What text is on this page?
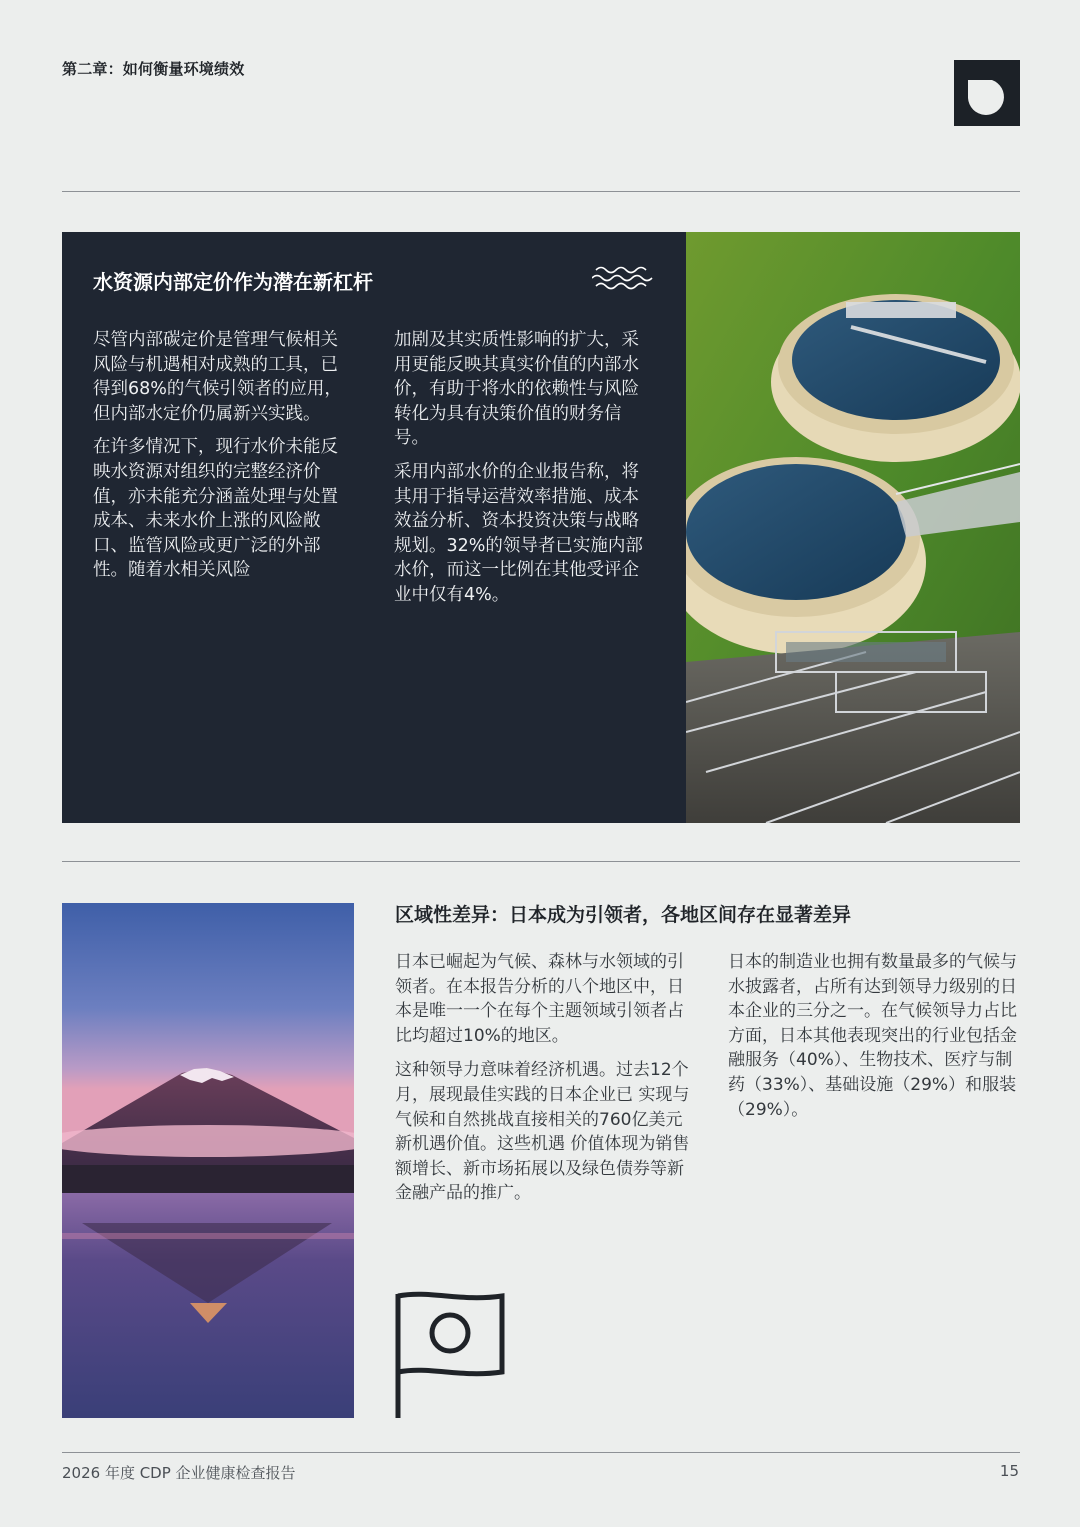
第二章：如何衡量环境绩效
水资源内部定价作为潜在新杠杆

尽管内部碳定价是管理气候相关风险与机遇相对成熟的工具，已得到68%的气候引领者的应用，但内部水定价仍属新兴实践。

在许多情况下，现行水价未能反映水资源对组织的完整经济价值，亦未能充分涵盖处理与处置成本、未来水价上涨的风险敞口、监管风险或更广泛的外部性。随着水相关风险

加剧及其实质性影响的扩大，采用更能反映其真实价值的内部水价，有助于将水的依赖性与风险转化为具有决策价值的财务信号。

采用内部水价的企业报告称，将其用于指导运营效率措施、成本效益分析、资本投资决策与战略规划。32%的领导者已实施内部水价，而这一比例在其他受评企业中仅有4%。

区域性差异：日本成为引领者，各地区间存在显著差异

日本已崛起为气候、森林与水领域的引领者。在本报告分析的八个地区中，日本是唯一一个在每个主题领域引领者占比均超过10%的地区。

这种领导力意味着经济机遇。过去12个月，展现最佳实践的日本企业已 实现与气候和自然挑战直接相关的760亿美元新机遇价值。这些机遇 价值体现为销售额增长、新市场拓展以及绿色债券等新金融产品的推广。

日本的制造业也拥有数量最多的气候与水披露者，占所有达到领导力级别的日本企业的三分之一。在气候领导力占比方面，日本其他表现突出的行业包括金融服务（40%）、生物技术、医疗与制药（33%）、基础设施（29%）和服装（29%）。

2026 年度 CDP 企业健康检查报告	15
